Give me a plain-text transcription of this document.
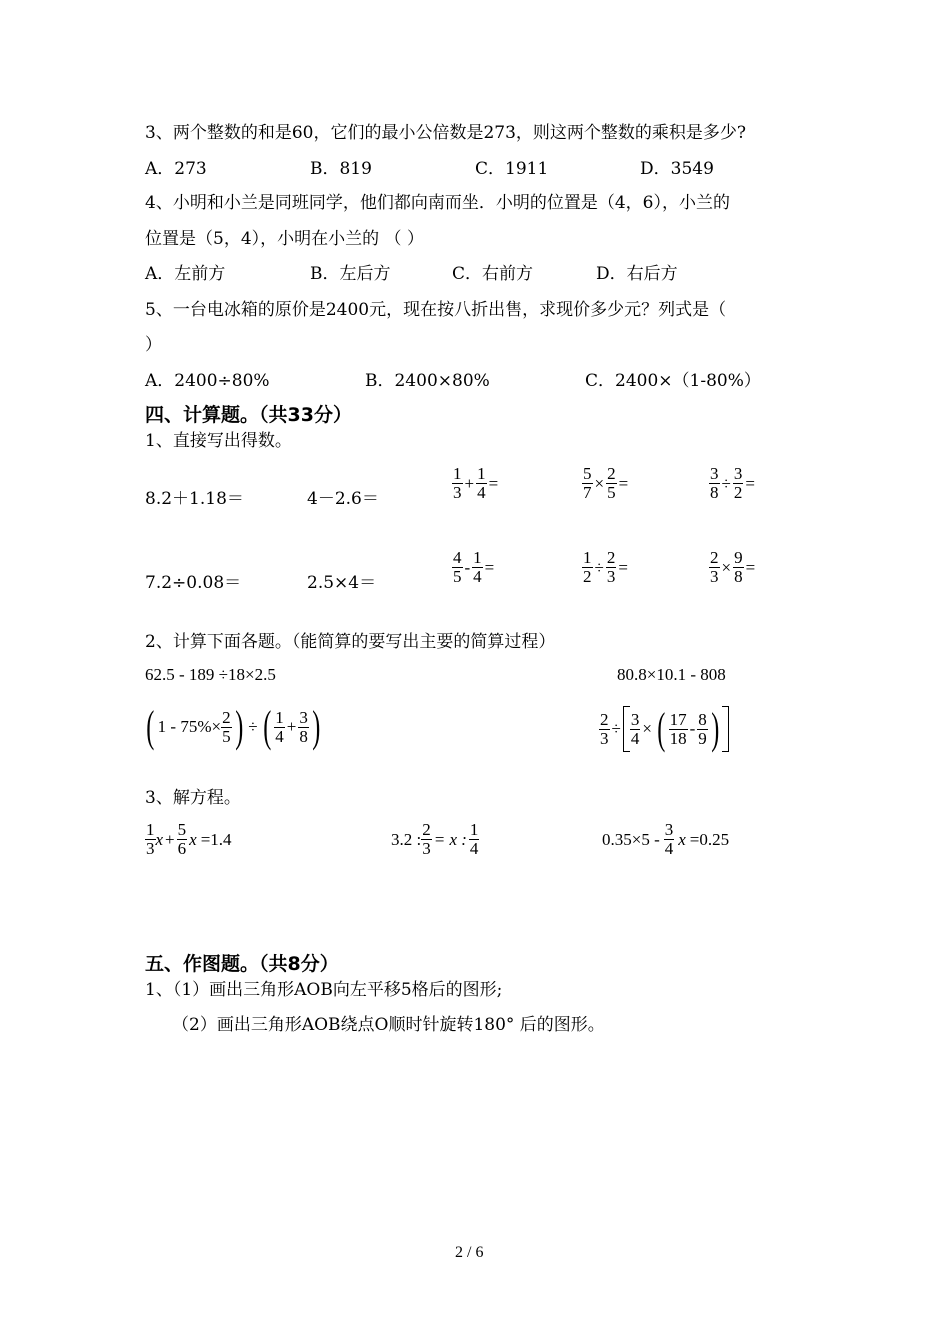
3、两个整数的和是60，它们的最小公倍数是273，则这两个整数的乘积是多少?
A．273	B．819	C．1911	D．3549
4、小明和小兰是同班同学，他们都向南而坐．小明的位置是（4，6），小兰的
位置是（5，4），小明在小兰的 （ ）
A．左前方	B．左后方	C．右前方	D．右后方
5、一台电冰箱的原价是2400元，现在按八折出售，求现价多少元？列式是（
）
A．2400÷80%	B．2400×80%	C．2400×（1-80%）
四、计算题。（共33分）
1、直接写出得数。
8.2＋1.18＝	4－2.6＝	$\frac{1}{3} + \frac{1}{4}$ =	$\frac{5}{7} \times \frac{2}{5}$ =	$\frac{3}{8} \div \frac{3}{2}$ =
7.2÷0.08＝	2.5×4＝	$\frac{4}{5} - \frac{1}{4}$ =	$\frac{1}{2} \div \frac{2}{3}$ =	$\frac{2}{3} \times \frac{9}{8}$ =
2、计算下面各题。（能简算的要写出主要的简算过程）
62.5 - 189 ÷18×2.5	80.8×10.1 - 808
( $1 - 75\%\times \frac{2}{5}$ ) ÷ ( $\frac{1}{4} + \frac{3}{8}$ )	$\frac{2}{3} \div \frac{3}{4}$ × ( $\frac{17}{18} - \frac{8}{9}$ )
3、解方程。
$\frac{1}{3}$ $x + \frac{5}{6}$ x =1.4	3.2 : $\frac{2}{3} = x$ : $\frac{1}{4}$	$0.35\times 5 - \frac{3}{4}$ x =0.25
五、作图题。（共8分）
1、（1）画出三角形AOB向左平移5格后的图形;
（2）画出三角形AOB绕点O顺时针旋转180° 后的图形。
2 / 6
